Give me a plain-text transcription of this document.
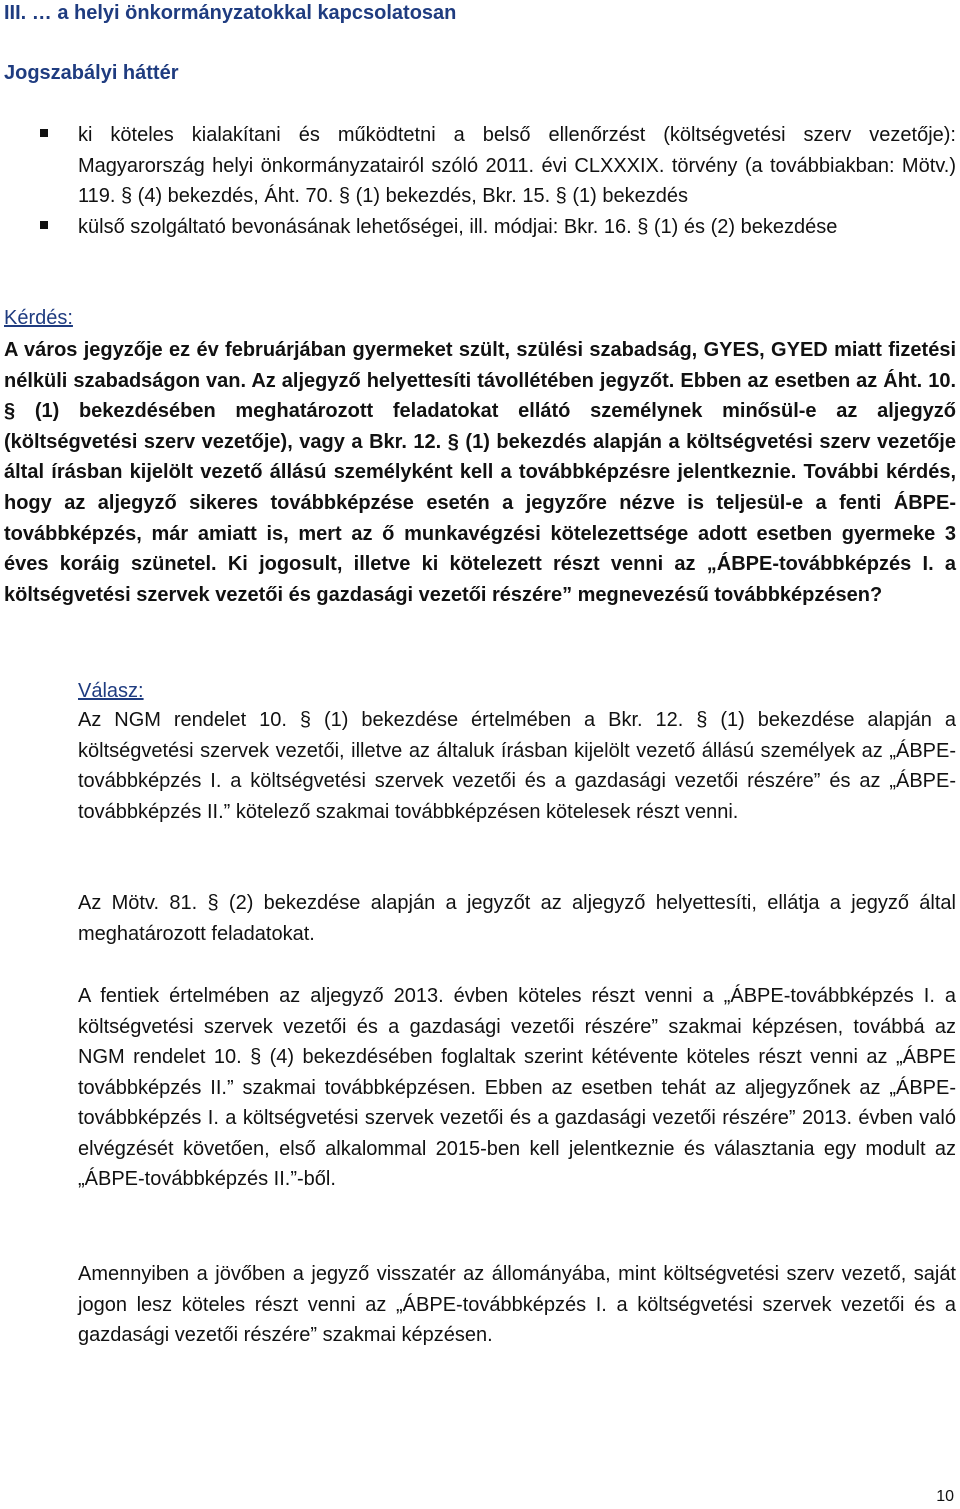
III. … a helyi önkormányzatokkal kapcsolatosan
Jogszabályi háttér
ki köteles kialakítani és működtetni a belső ellenőrzést (költségvetési szerv vezetője): Magyarország helyi önkormányzatairól szóló 2011. évi CLXXXIX. törvény (a továbbiakban: Mötv.) 119. § (4) bekezdés, Áht. 70. § (1) bekezdés, Bkr. 15. § (1) bekezdés
külső szolgáltató bevonásának lehetőségei, ill. módjai: Bkr. 16. § (1) és (2) bekezdése
Kérdés:

A város jegyzője ez év februárjában gyermeket szült, szülési szabadság, GYES, GYED miatt fizetési nélküli szabadságon van. Az aljegyző helyettesíti távollétében jegyzőt. Ebben az esetben az Áht. 10. § (1) bekezdésében meghatározott feladatokat ellátó személynek minősül-e az aljegyző (költségvetési szerv vezetője), vagy a Bkr. 12. § (1) bekezdés alapján a költségvetési szerv vezetője által írásban kijelölt vezető állású személyként kell a továbbképzésre jelentkeznie. További kérdés, hogy az aljegyző sikeres továbbképzése esetén a jegyzőre nézve is teljesül-e a fenti ÁBPE- továbbképzés, már amiatt is, mert az ő munkavégzési kötelezettsége adott esetben gyermeke 3 éves koráig szünetel. Ki jogosult, illetve ki kötelezett részt venni az „ÁBPE-továbbképzés I. a költségvetési szervek vezetői és gazdasági vezetői részére” megnevezésű továbbképzésen?

Válasz:

Az NGM rendelet 10. § (1) bekezdése értelmében a Bkr. 12. § (1) bekezdése alapján a költségvetési szervek vezetői, illetve az általuk írásban kijelölt vezető állású személyek az „ÁBPE-továbbképzés I. a költségvetési szervek vezetői és a gazdasági vezetői részére” és az „ÁBPE-továbbképzés II.” kötelező szakmai továbbképzésen kötelesek részt venni.

Az Mötv. 81. § (2) bekezdése alapján a jegyzőt az aljegyző helyettesíti, ellátja a jegyző által meghatározott feladatokat.

A fentiek értelmében az aljegyző 2013. évben köteles részt venni a „ÁBPE-továbbképzés I. a költségvetési szervek vezetői és a gazdasági vezetői részére” szakmai képzésen, továbbá az NGM rendelet 10. § (4) bekezdésében foglaltak szerint kétévente köteles részt venni az „ÁBPE továbbképzés II.” szakmai továbbképzésen. Ebben az esetben tehát az aljegyzőnek az „ÁBPE-továbbképzés I. a költségvetési szervek vezetői és a gazdasági vezetői részére” 2013. évben való elvégzését követően, első alkalommal 2015-ben kell jelentkeznie és választania egy modult az „ÁBPE-továbbképzés II.”-ből.

Amennyiben a jövőben a jegyző visszatér az állományába, mint költségvetési szerv vezető, saját jogon lesz köteles részt venni az „ÁBPE-továbbképzés I. a költségvetési szervek vezetői és a gazdasági vezetői részére” szakmai képzésen.

10
